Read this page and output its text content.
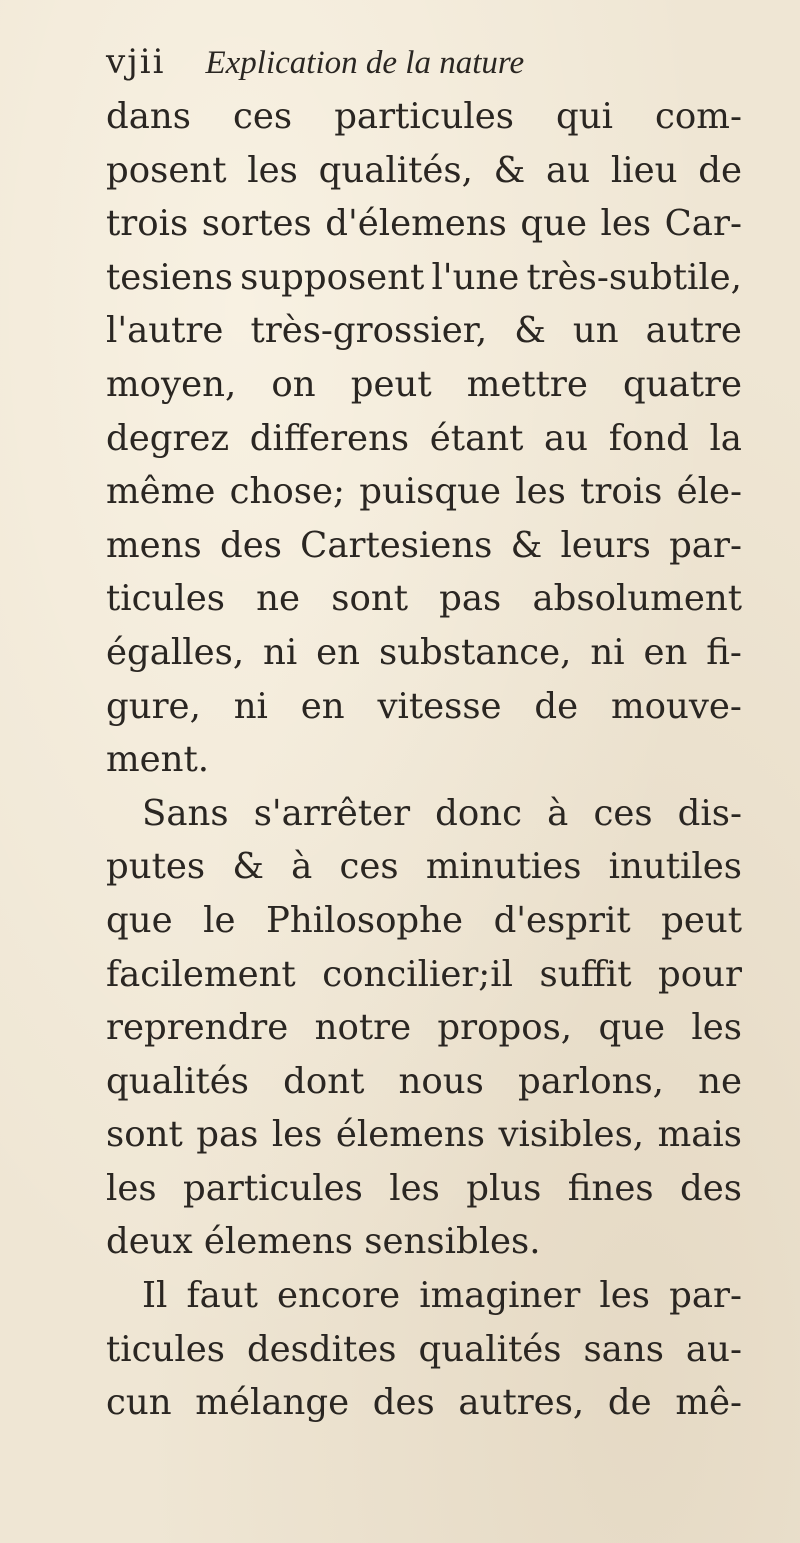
vjii Explication de la nature
dans ces particules qui com-
posent les qualités, & au lieu de
trois sortes d'élemens que les Car-
tesiens supposent l'une très-subtile,
l'autre très-grossier, & un autre
moyen, on peut mettre quatre
degrez differens étant au fond la
même chose; puisque les trois éle-
mens des Cartesiens & leurs par-
ticules ne sont pas absolument
égalles, ni en substance, ni en fi-
gure, ni en vitesse de mouve-
ment.
Sans s'arrêter donc à ces dis-
putes & à ces minuties inutiles
que le Philosophe d'esprit peut
facilement concilier;il suffit pour
reprendre notre propos, que les
qualités dont nous parlons, ne
sont pas les élemens visibles, mais
les particules les plus fines des
deux élemens sensibles.
Il faut encore imaginer les par-
ticules desdites qualités sans au-
cun mélange des autres, de mê-
